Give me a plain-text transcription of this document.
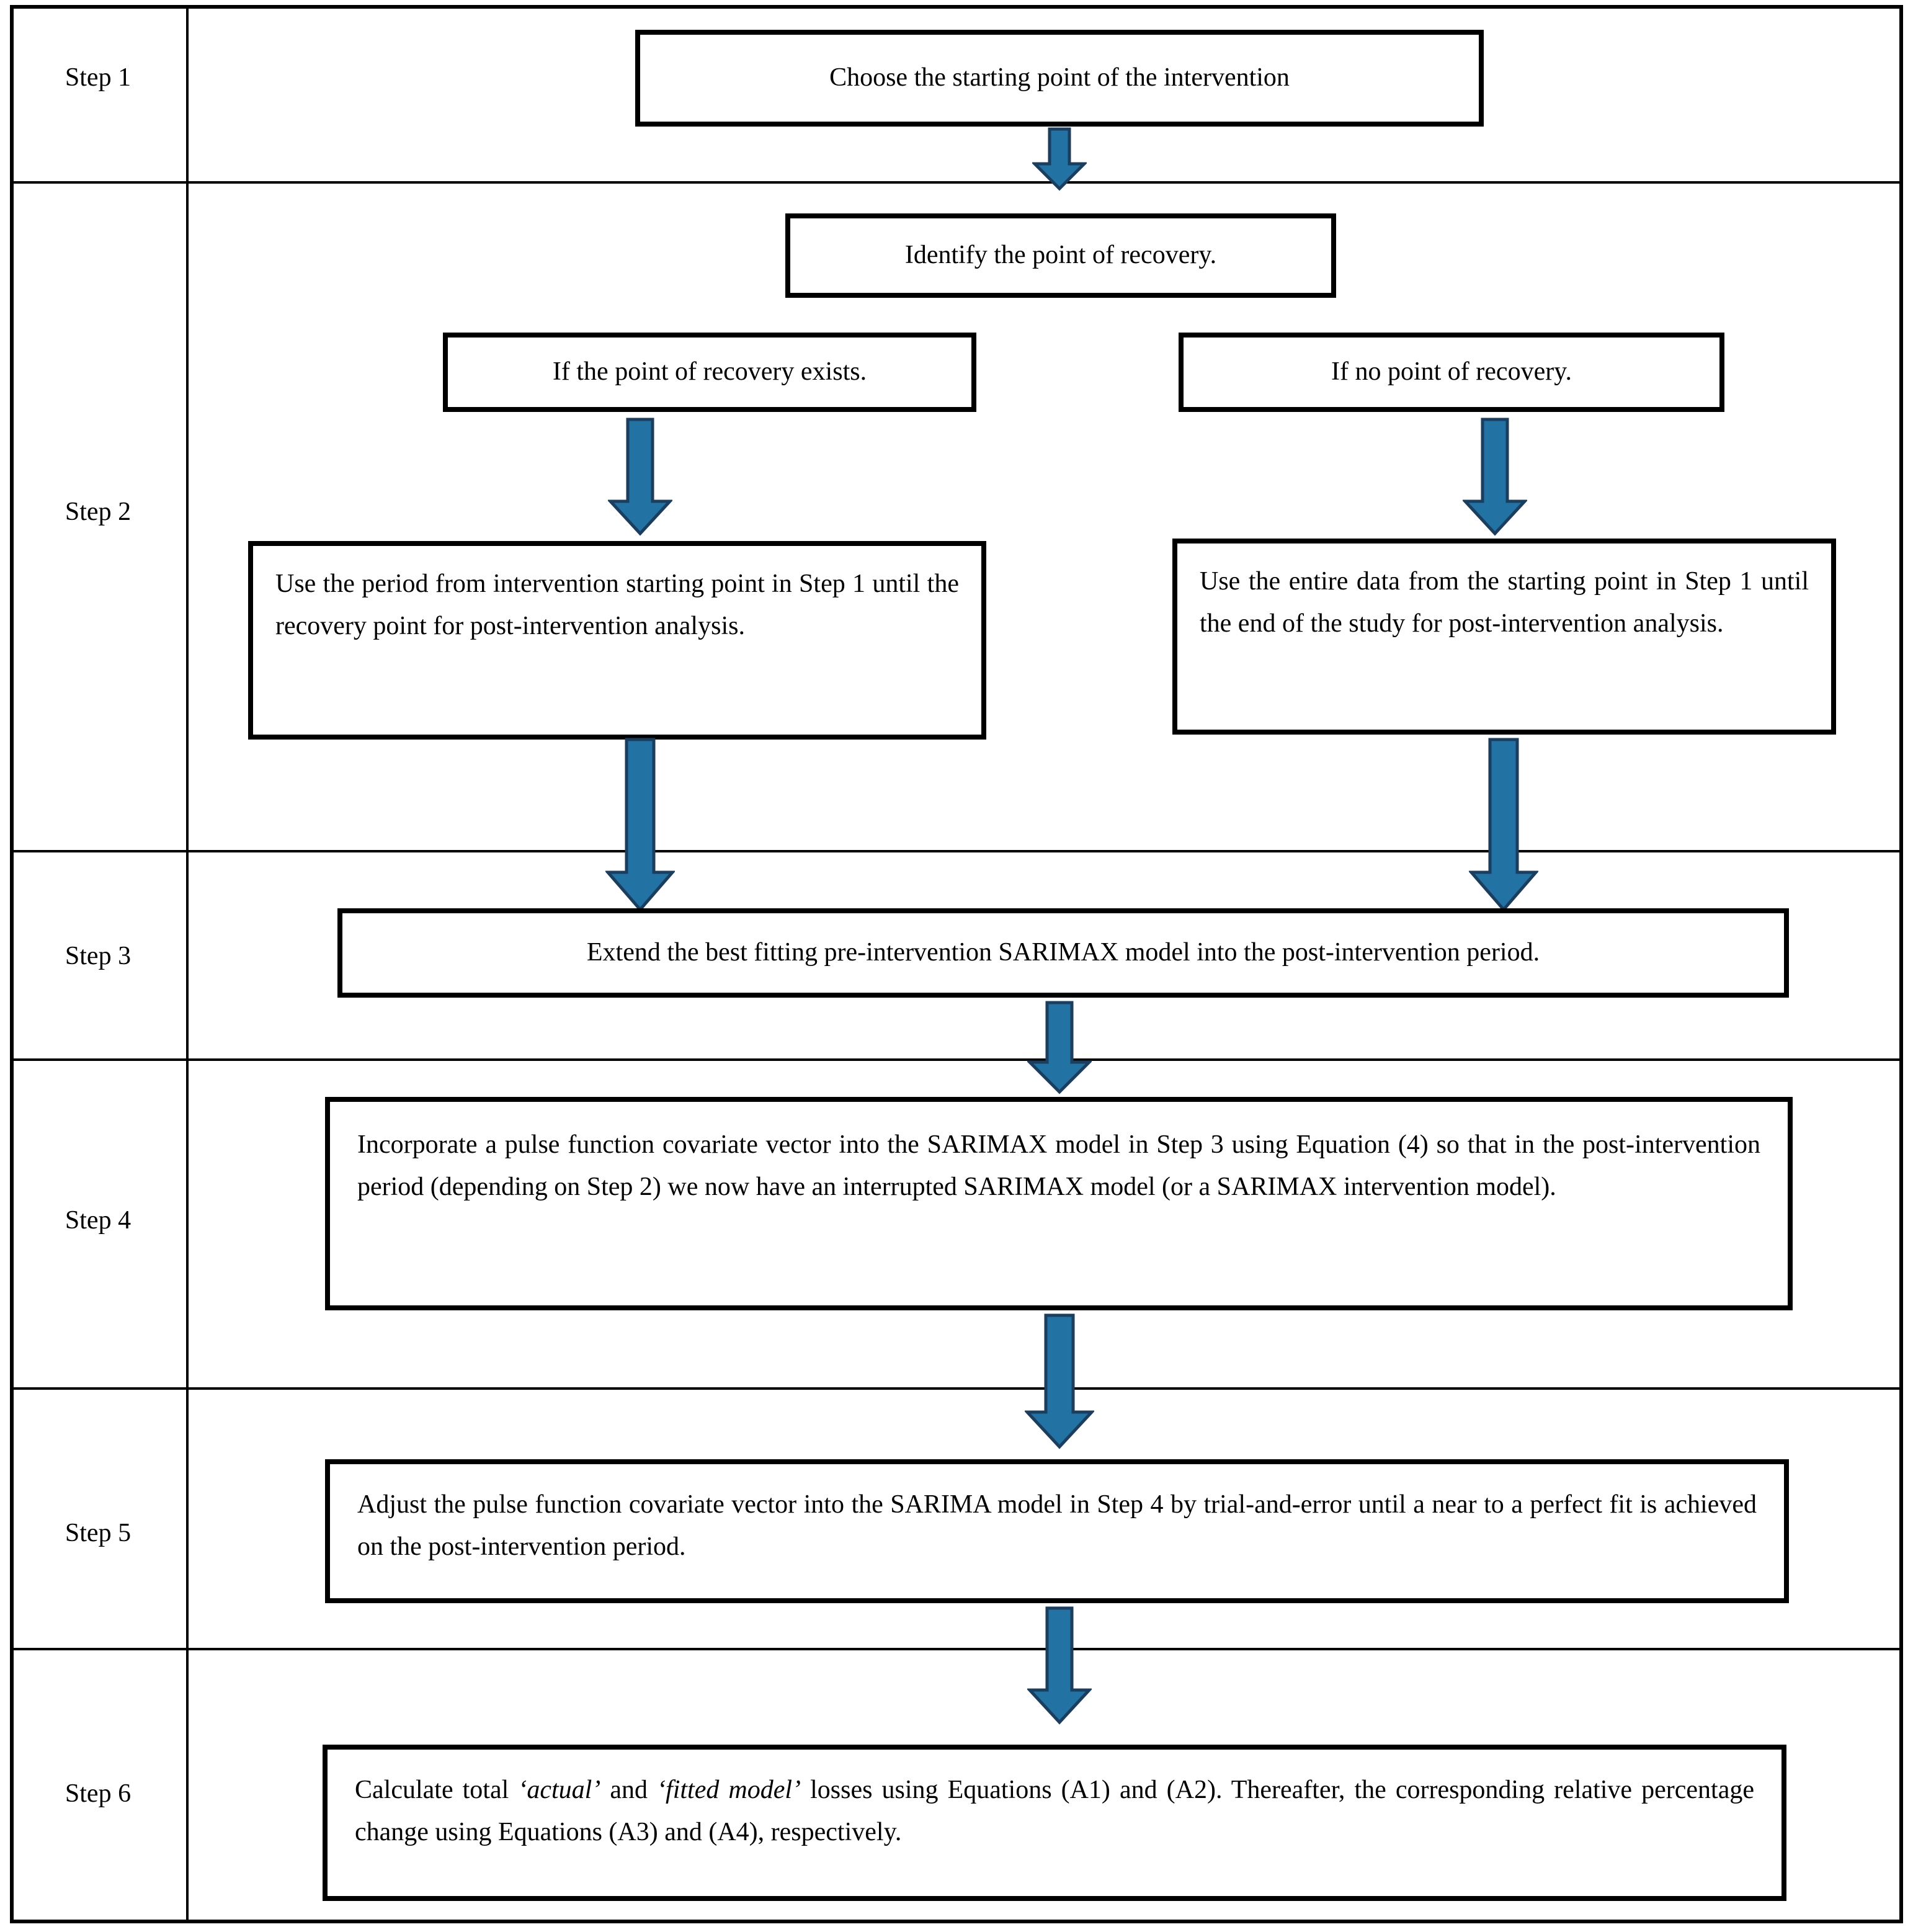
Step 1
Step 2
Step 3
Step 4
Step 5
Step 6
Choose the starting point of the intervention
Identify the point of recovery.
If the point of recovery exists.	If no point of recovery.
Use the period from intervention starting point in Step 1 until the recovery point for post-intervention analysis.
Use the entire data from the starting point in Step 1 until the end of the study for post-intervention analysis.
Extend the best fitting pre-intervention SARIMAX model into the post-intervention period.
Incorporate a pulse function covariate vector into the SARIMAX model in Step 3 using Equation (4) so that in the post-intervention period (depending on Step 2) we now have an interrupted SARIMAX model (or a SARIMAX intervention model).
Adjust the pulse function covariate vector into the SARIMA model in Step 4 by trial-and-error until a near to a perfect fit is achieved on the post-intervention period.
Calculate total ‘actual’ and ‘fitted model’ losses using Equations (A1) and (A2). Thereafter, the corresponding relative percentage change using Equations (A3) and (A4), respectively.
